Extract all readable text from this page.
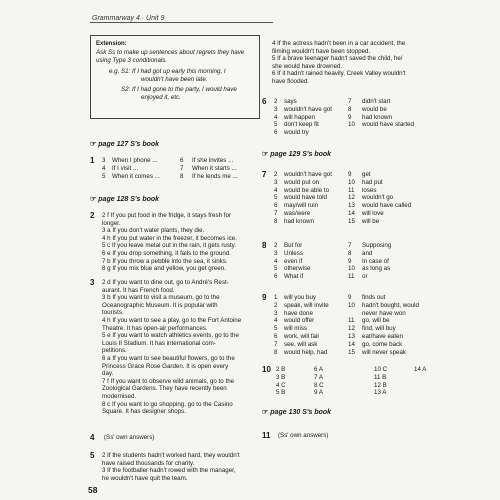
Grammarway 4 · Unit 9
Extension:
Ask Ss to make up sentences about regrets they have
using Type 3 conditionals.
e.g. S1: If I had got up early this morning, I
wouldn't have been late.
S2: If I had gone to the party, I would have
enjoyed it, etc.
☞ page 127 S's book
1 3	When I phone ...	6	If she invites ...
4	If I visit ...	7	When it starts ...
5	When it comes ...	8	If he lends me ...
☞ page 128 S's book
2 2 f If you put food in the fridge, it stays fresh for
longer.
3 a If you don't water plants, they die.
4 h If you put water in the freezer, it becomes ice.
5 c If you leave metal out in the rain, it gets rusty.
6 e If you drop something, it falls to the ground.
7 b If you throw a pebble into the sea, it sinks.
8 g If you mix blue and yellow, you get green.
3 2 d If you want to dine out, go to André's Rest-
aurant. It has French food.
3 b If you want to visit a museum, go to the
Oceanographic Museum. It is popular with
tourists.
4 h If you want to see a play, go to the Fort Antoine
Theatre. It has open-air performances.
5 e If you want to watch athletics events, go to the
Louis II Stadium. It has international com-
petitions.
6 a If you want to see beautiful flowers, go to the
Princess Grace Rose Garden. It is open every
day.
7 f If you want to observe wild animals, go to the
Zoological Gardens. They have recently been
modernised.
8 c If you want to go shopping, go to the Casino
Square. It has designer shops.
4 (Ss' own answers)
5 2 If the students hadn't worked hard, they wouldn't
have raised thousands for charity.
3 If the footballer hadn't rowed with the manager,
he wouldn't have quit the team.
58
4 If the actress hadn't been in a car accident, the
filming wouldn't have been stopped.
5 If a brave teenager hadn't saved the child, he/
she would have drowned.
6 If it hadn't rained heavily, Creek Valley wouldn't
have flooded.
6 2	says	7	didn't start
3	wouldn't have got	8	would be
4	will happen	9	had known
5	don't keep fit	10	would have started
6	would try
☞ page 129 S's book
7 2	wouldn't have got	9	get
3	would put on	10	had put
4	would be able to	11	loses
5	would have told	12	wouldn't go
6	may/will ruin	13	would have called
7	was/were	14	will love
8	had known	15	will be
8 2	But for	7	Supposing
3	Unless	8	and
4	even if	9	In case of
5	otherwise	10	as long as
6	What if	11	or
9 1	will you buy	9	finds out
2	speak, will invite	10	hadn't bought, would
3	have done	never have won
4	would offer	11	go, will be
5	will miss	12	find, will buy
6	work, will fail	13	eat/have eaten
7	see, will ask	14	go, come back
8	would help, had	15	will never speak
10 2 B	6 A	10 C	14 A
3 B	7 A	11 B
4 C	8 C	12 B
5 B	9 A	13 A
☞ page 130 S's book
11 (Ss' own answers)
